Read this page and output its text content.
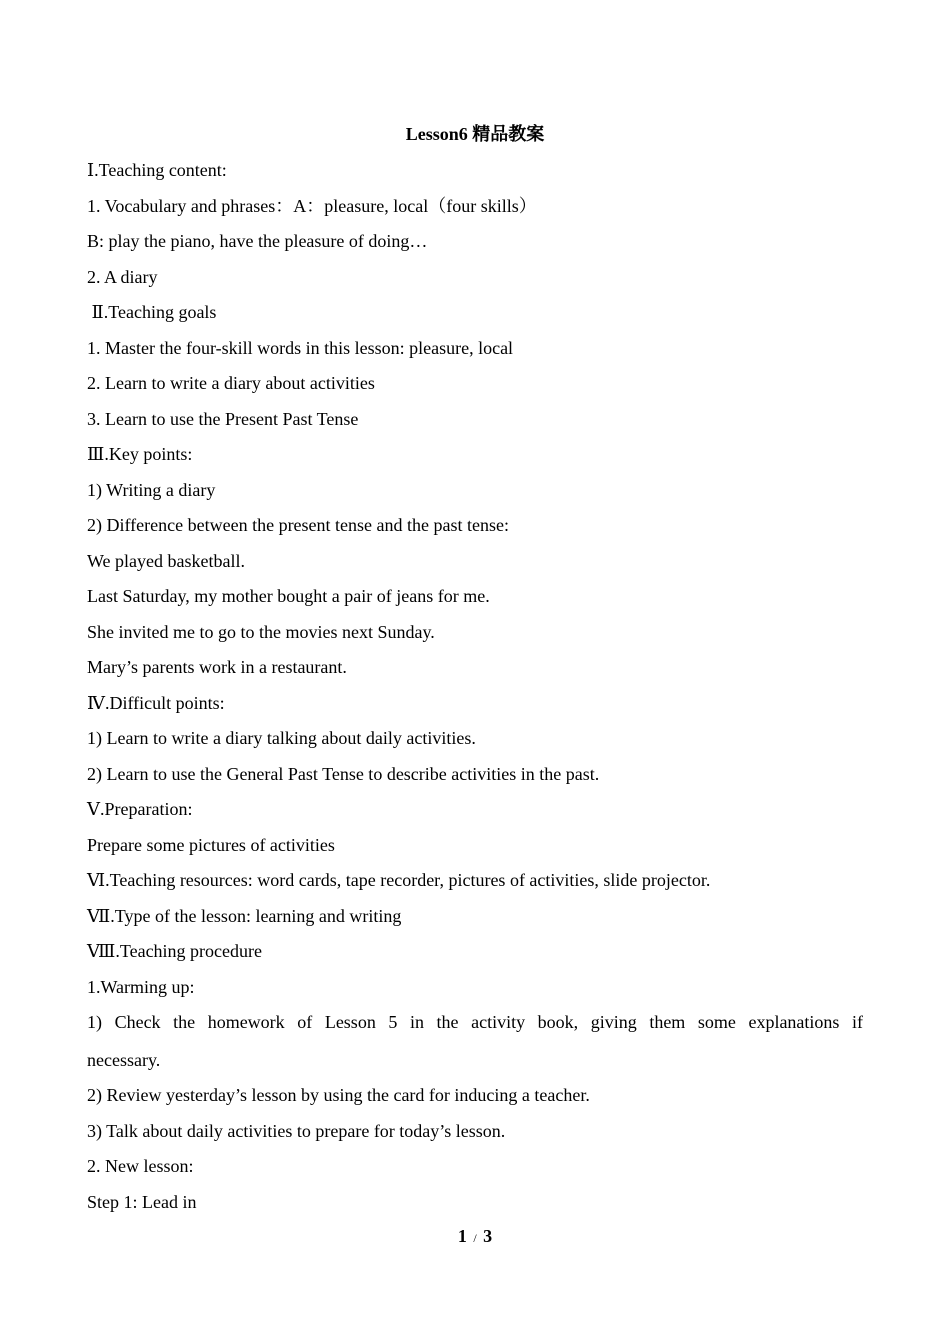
Lesson6 精品教案
Ⅰ.Teaching content:
1. Vocabulary and phrases：A：pleasure, local（four skills）
B: play the piano, have the pleasure of doing…
2. A diary
Ⅱ.Teaching goals
1. Master the four-skill words in this lesson: pleasure, local
2. Learn to write a diary about activities
3. Learn to use the Present Past Tense
Ⅲ.Key points:
1) Writing a diary
2) Difference between the present tense and the past tense:
We played basketball.
Last Saturday, my mother bought a pair of jeans for me.
She invited me to go to the movies next Sunday.
Mary’s parents work in a restaurant.
Ⅳ.Difficult points:
1) Learn to write a diary talking about daily activities.
2) Learn to use the General Past Tense to describe activities in the past.
Ⅴ.Preparation:
Prepare some pictures of activities
Ⅵ.Teaching resources: word cards, tape recorder, pictures of activities, slide projector.
Ⅶ.Type of the lesson: learning and writing
Ⅷ.Teaching procedure
1.Warming up:
1) Check the homework of Lesson 5 in the activity book, giving them some explanations if
necessary.
2) Review yesterday’s lesson by using the card for inducing a teacher.
3) Talk about daily activities to prepare for today’s lesson.
2. New lesson:
Step 1: Lead in
1 / 3
